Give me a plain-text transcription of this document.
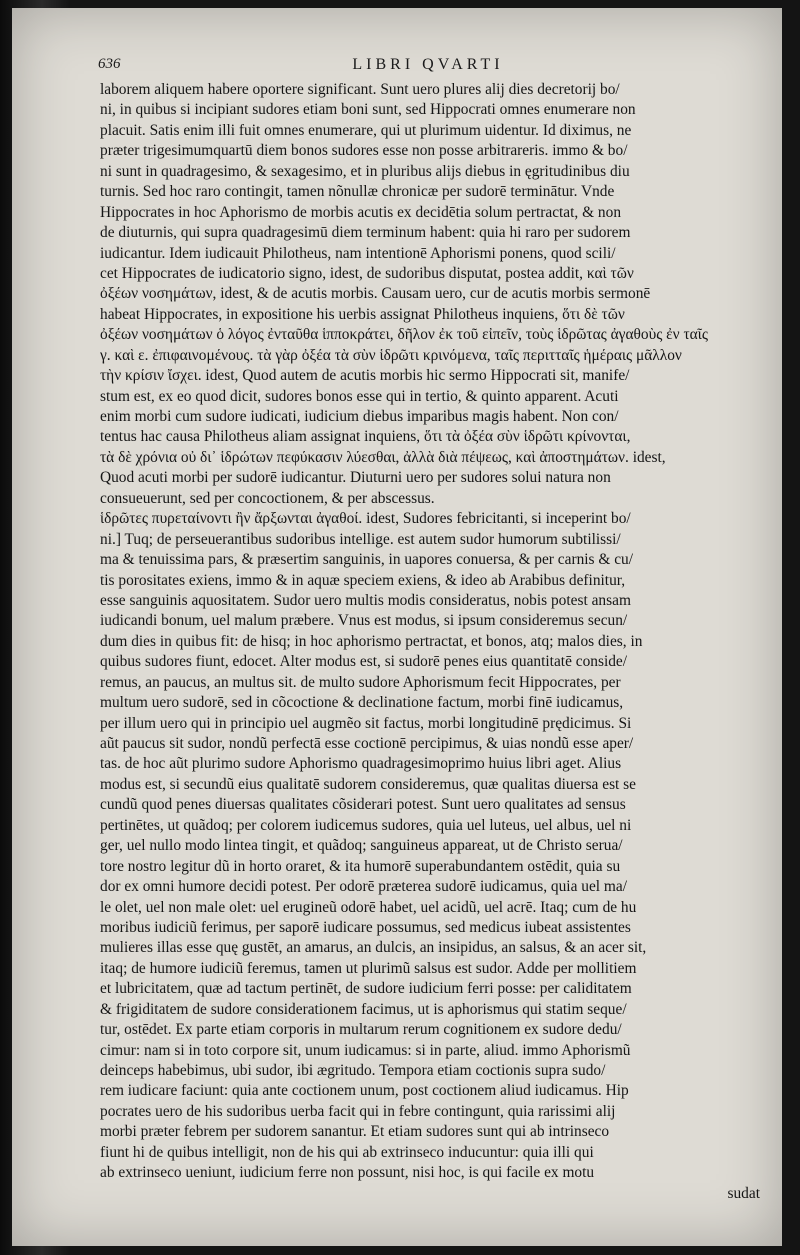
636	LIBRI QVARTI
laborem aliquem habere oportere significant. Sunt uero plures alij dies decretorij bo/
ni, in quibus si incipiant sudores etiam boni sunt, sed Hippocrati omnes enumerare non
placuit. Satis enim illi fuit omnes enumerare, qui ut plurimum uidentur. Id diximus, ne
præter trigesimumquartū diem bonos sudores esse non posse arbitrareris. immo & bo/
ni sunt in quadragesimo, & sexagesimo, et in pluribus alijs diebus in ęgritudinibus diu
turnis. Sed hoc raro contingit, tamen nõnullæ chronicæ per sudorē terminātur. Vnde
Hippocrates in hoc Aphorismo de morbis acutis ex decidētia solum pertractat, & non
de diuturnis, qui supra quadragesimū diem terminum habent: quia hi raro per sudorem
iudicantur. Idem iudicauit Philotheus, nam intentionē Aphorismi ponens, quod scili/
cet Hippocrates de iudicatorio signo, idest, de sudoribus disputat, postea addit, καὶ τῶν
ὀξέων νοσημάτων, idest, & de acutis morbis. Causam uero, cur de acutis morbis sermonē
habeat Hippocrates, in expositione his uerbis assignat Philotheus inquiens, ὅτι δὲ τῶν
ὀξέων νοσημάτων ὁ λόγος ἐνταῦθα ἱπποκράτει, δῆλον ἐκ τοῦ εἰπεῖν, τοὺς ἱδρῶτας ἀγαθοὺς ἐν ταῖς
γ. καὶ ε. ἐπιφαινομένους. τὰ γὰρ ὀξέα τὰ σὺν ἱδρῶτι κρινόμενα, ταῖς περιτταῖς ἡμέραις μᾶλλον
τὴν κρίσιν ἴσχει. idest, Quod autem de acutis morbis hic sermo Hippocrati sit, manife/
stum est, ex eo quod dicit, sudores bonos esse qui in tertio, & quinto apparent. Acuti
enim morbi cum sudore iudicati, iudicium diebus imparibus magis habent. Non con/
tentus hac causa Philotheus aliam assignat inquiens, ὅτι τὰ ὀξέα σὺν ἱδρῶτι κρίνονται,
τὰ δὲ χρόνια οὐ δι᾽ ἱδρώτων πεφύκασιν λύεσθαι, ἀλλὰ διὰ πέψεως, καὶ ἀποστημάτων. idest,
Quod acuti morbi per sudorē iudicantur. Diuturni uero per sudores solui natura non
consueuerunt, sed per concoctionem, & per abscessus.
ἱδρῶτες πυρεταίνοντι ἢν ἄρξωνται ἀγαθοί. idest, Sudores febricitanti, si inceperint bo/
ni.] Tuq; de perseuerantibus sudoribus intellige. est autem sudor humorum subtilissi/
ma & tenuissima pars, & præsertim sanguinis, in uapores conuersa, & per carnis & cu/
tis porositates exiens, immo & in aquæ speciem exiens, & ideo ab Arabibus definitur,
esse sanguinis aquositatem. Sudor uero multis modis consideratus, nobis potest ansam
iudicandi bonum, uel malum præbere. Vnus est modus, si ipsum consideremus secun/
dum dies in quibus fit: de hisq; in hoc aphorismo pertractat, et bonos, atq; malos dies, in
quibus sudores fiunt, edocet. Alter modus est, si sudorē penes eius quantitatē conside/
remus, an paucus, an multus sit. de multo sudore Aphorismum fecit Hippocrates, per
multum uero sudorē, sed in cõcoctione & declinatione factum, morbi finē iudicamus,
per illum uero qui in principio uel augmẽo sit factus, morbi longitudinē prędicimus. Si
aũt paucus sit sudor, nondũ perfectā esse coctionē percipimus, & uias nondũ esse aper/
tas. de hoc aũt plurimo sudore Aphorismo quadragesimoprimo huius libri aget. Alius
modus est, si secundũ eius qualitatē sudorem consideremus, quæ qualitas diuersa est se
cundũ quod penes diuersas qualitates cõsiderari potest. Sunt uero qualitates ad sensus
pertinētes, ut quãdoq; per colorem iudicemus sudores, quia uel luteus, uel albus, uel ni
ger, uel nullo modo lintea tingit, et quãdoq; sanguineus appareat, ut de Christo serua/
tore nostro legitur dũ in horto oraret, & ita humorē superabundantem ostēdit, quia su
dor ex omni humore decidi potest. Per odorē præterea sudorē iudicamus, quia uel ma/
le olet, uel non male olet: uel erugineũ odorē habet, uel acidũ, uel acrē. Itaq; cum de hu
moribus iudiciũ ferimus, per saporē iudicare possumus, sed medicus iubeat assistentes
mulieres illas esse quę gustēt, an amarus, an dulcis, an insipidus, an salsus, & an acer sit,
itaq; de humore iudiciũ feremus, tamen ut plurimũ salsus est sudor. Adde per mollitiem
et lubricitatem, quæ ad tactum pertinēt, de sudore iudicium ferri posse: per caliditatem
& frigiditatem de sudore considerationem facimus, ut is aphorismus qui statim seque/
tur, ostēdet. Ex parte etiam corporis in multarum rerum cognitionem ex sudore dedu/
cimur: nam si in toto corpore sit, unum iudicamus: si in parte, aliud. immo Aphorismũ
deinceps habebimus, ubi sudor, ibi ægritudo. Tempora etiam coctionis supra sudo/
rem iudicare faciunt: quia ante coctionem unum, post coctionem aliud iudicamus. Hip
pocrates uero de his sudoribus uerba facit qui in febre contingunt, quia rarissimi alij
morbi præter febrem per sudorem sanantur. Et etiam sudores sunt qui ab intrinseco
fiunt hi de quibus intelligit, non de his qui ab extrinseco inducuntur: quia illi qui
ab extrinseco ueniunt, iudicium ferre non possunt, nisi hoc, is qui facile ex motu
sudat
